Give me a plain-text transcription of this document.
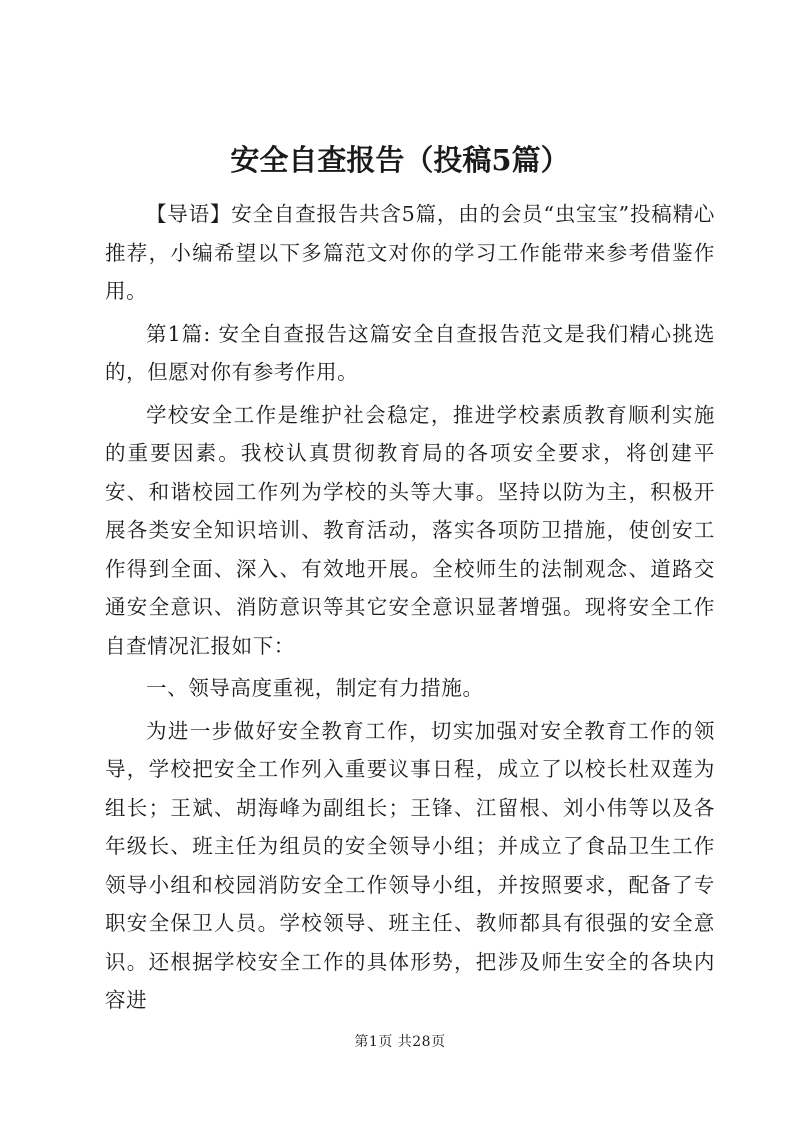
安全自查报告（投稿5篇）

【导语】安全自查报告共含5篇，由的会员“虫宝宝”投稿精心推荐，小编希望以下多篇范文对你的学习工作能带来参考借鉴作用。

第1篇: 安全自查报告这篇安全自查报告范文是我们精心挑选的，但愿对你有参考作用。

学校安全工作是维护社会稳定，推进学校素质教育顺利实施的重要因素。我校认真贯彻教育局的各项安全要求，将创建平安、和谐校园工作列为学校的头等大事。坚持以防为主，积极开展各类安全知识培训、教育活动，落实各项防卫措施，使创安工作得到全面、深入、有效地开展。全校师生的法制观念、道路交通安全意识、消防意识等其它安全意识显著增强。现将安全工作自查情况汇报如下：

一、领导高度重视，制定有力措施。

为进一步做好安全教育工作，切实加强对安全教育工作的领导，学校把安全工作列入重要议事日程，成立了以校长杜双莲为组长；王斌、胡海峰为副组长；王锋、江留根、刘小伟等以及各年级长、班主任为组员的安全领导小组；并成立了食品卫生工作领导小组和校园消防安全工作领导小组，并按照要求，配备了专职安全保卫人员。学校领导、班主任、教师都具有很强的安全意识。还根据学校安全工作的具体形势，把涉及师生安全的各块内容进

第1页 共28页
